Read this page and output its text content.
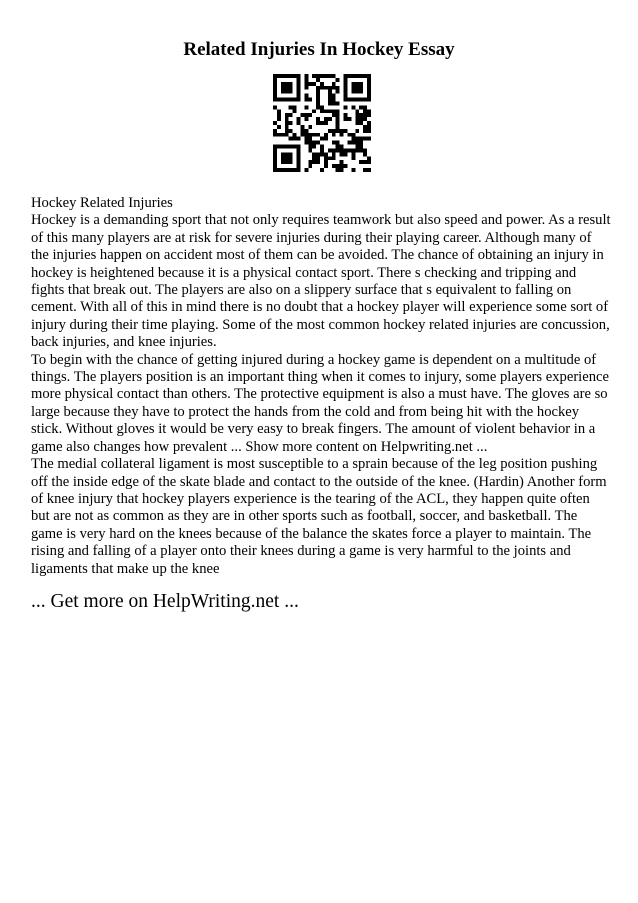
Related Injuries In Hockey Essay

Hockey Related Injuries

Hockey is a demanding sport that not only requires teamwork but also speed and power. As a result of this many players are at risk for severe injuries during their playing career. Although many of the injuries happen on accident most of them can be avoided. The chance of obtaining an injury in hockey is heightened because it is a physical contact sport. There s checking and tripping and fights that break out. The players are also on a slippery surface that s equivalent to falling on cement. With all of this in mind there is no doubt that a hockey player will experience some sort of injury during their time playing. Some of the most common hockey related injuries are concussion, back injuries, and knee injuries.

To begin with the chance of getting injured during a hockey game is dependent on a multitude of things. The players position is an important thing when it comes to injury, some players experience more physical contact than others. The protective equipment is also a must have. The gloves are so large because they have to protect the hands from the cold and from being hit with the hockey stick. Without gloves it would be very easy to break fingers. The amount of violent behavior in a game also changes how prevalent ... Show more content on Helpwriting.net ...

The medial collateral ligament is most susceptible to a sprain because of the leg position pushing off the inside edge of the skate blade and contact to the outside of the knee. (Hardin) Another form of knee injury that hockey players experience is the tearing of the ACL, they happen quite often but are not as common as they are in other sports such as football, soccer, and basketball. The game is very hard on the knees because of the balance the skates force a player to maintain. The rising and falling of a player onto their knees during a game is very harmful to the joints and ligaments that make up the knee

... Get more on HelpWriting.net ...
